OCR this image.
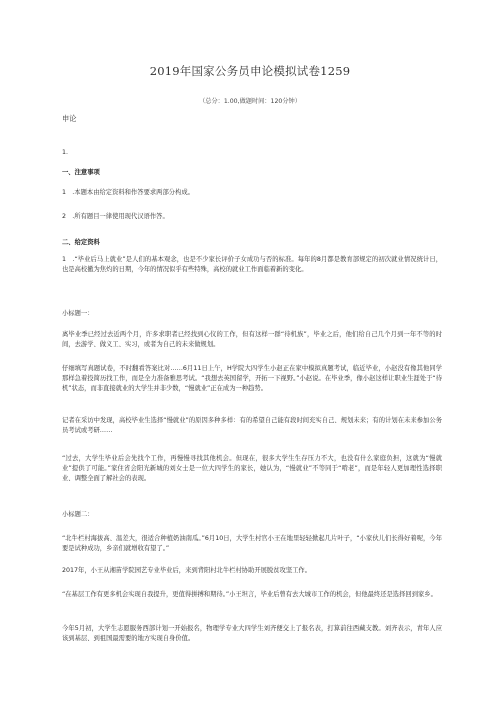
2019年国家公务员申论模拟试卷1259
（总分：1.00,做题时间：120分钟）
申论
1.
一、注意事项
1　.本题本由给定资料和作答要求两部分构成。
2　.所有题目一律使用现代汉语作答。
二、给定资料
1　.“毕业后马上就业”是人们的基本观念，也是不少家长评价子女成功与否的标准。每年的8月都是教育部规定的初次就业情况统计日，也是高校撤为焦灼的日期，今年的情况似乎有些特殊，高校的就业工作面临着新的变化。
小标题一：
离毕业季已经过去近两个月，许多求职者已经找到心仪的工作，但有这样一群“待机族”，毕业之后，他们给自己几个月到一年不等的时间，去游学、做义工、实习，或者为自己的未来做规划。
仔细填写真题试卷，不时翻看答案比对……6月11日上午，H学院大四学生小赵正在家中模拟真题考试，临近毕业，小赵没有像其他同学那样急着投简历找工作，而是全力准备雅思考试。“我想去英国留学，开拓一下视野。”小赵说。在毕业季，像小赵这样让职业生涯处于“待机”状态，而非直接就业的大学生并非少数，“慢就业”正在成为一种趋势。
记者在采访中发现，高校毕业生选择“慢就业”的原因多种多样：有的希望自己能有段时间充实自己、规划未来；有的计划在未来参加公务员考试或考研……
“过去，大学生毕业后会先找个工作，再慢慢寻找其他机会。但现在，很多大学生生存压力不大，也没有什么家庭负担，这就为“慢就业”提供了可能。”家住省会阳光新城的刘女士是一位大四学生的家长，她认为，“慢就业”不等同于“啃老”，而是年轻人更加理性选择职业、调整全面了解社会的表现。
小标题二：
“北牛栏村海拔高、温差大，很适合种植奶油南瓜。”6月10日，大学生村官小王在地里轻轻掀起几片叶子，“小家伙儿们长得好着呢，今年要是试种成功，乡亲们就增收有望了。”
2017年，小王从湘苗学院园艺专业毕业后，来到背阳村北牛栏村协助开展脱贫攻坚工作。
“在基层工作有更多机会实现自我提升，更值得拼搏和期待。”小王坦言，毕业后曾有去大城市工作的机会，但他最终还是选择回到家乡。
今年5月初，大学生志愿服务西部计划一开始报名，物理学专业大四学生刘齐便交上了报名表，打算前往西藏支教。刘齐表示，青年人应该到基层、到祖国最需要的地方实现自身价值。
